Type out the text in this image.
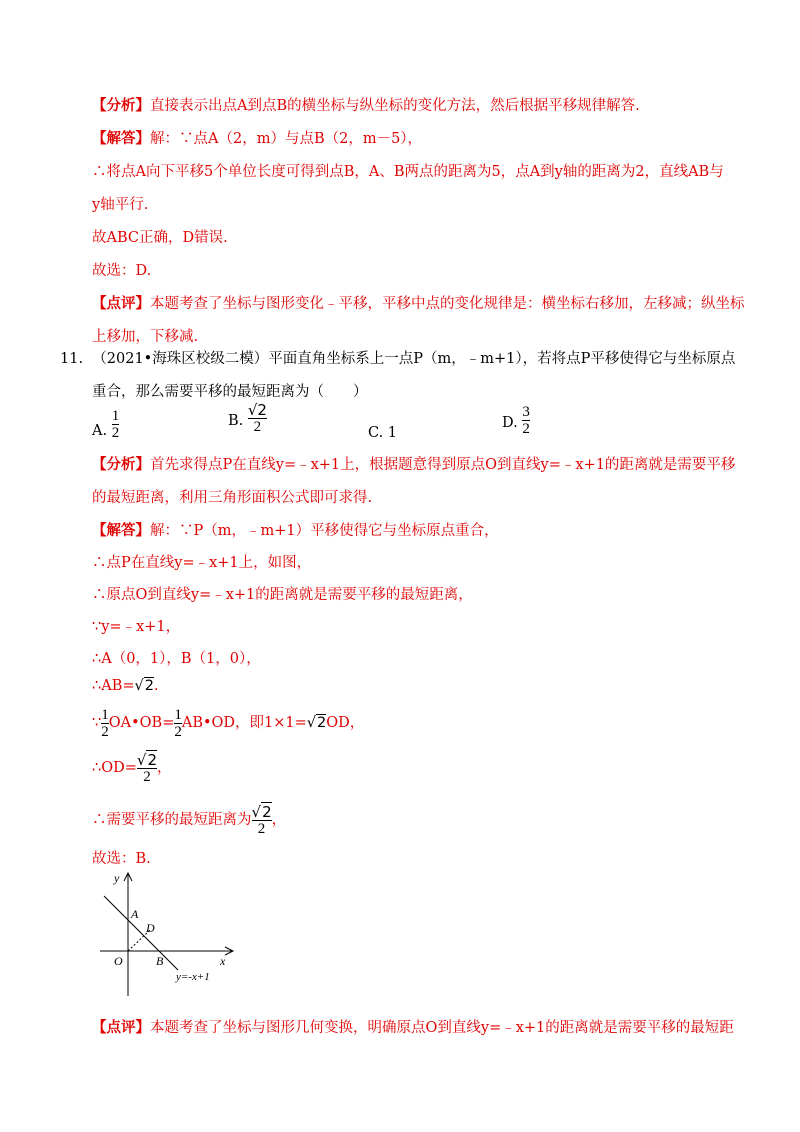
【分析】直接表示出点A到点B的横坐标与纵坐标的变化方法，然后根据平移规律解答.
【解答】解：∵点A（2，m）与点B（2，m－5），
∴将点A向下平移5个单位长度可得到点B，A、B两点的距离为5，点A到y轴的距离为2，直线AB与
y轴平行.
故ABC正确，D错误.
故选：D.
【点评】本题考查了坐标与图形变化﹣平移，平移中点的变化规律是：横坐标右移加，左移减；纵坐标
上移加，下移减.
11. （2021•海珠区校级二模）平面直角坐标系上一点P（m，﹣m+1），若将点P平移使得它与坐标原点
重合，那么需要平移的最短距离为（　　）
A. $\frac{1}{2}$	B. $\frac{√2}{2}$	C. 1
D. $\frac{3}{2}$
【分析】首先求得点P在直线y=﹣x+1上，根据题意得到原点O到直线y=﹣x+1的距离就是需要平移
的最短距离，利用三角形面积公式即可求得.
【解答】解：∵P（m，﹣m+1）平移使得它与坐标原点重合，
∴点P在直线y=﹣x+1上，如图，
∴原点O到直线y=﹣x+1的距离就是需要平移的最短距离，
∵y=﹣x+1，
∴A（0，1），B（1，0），
∴AB=√2.
∵ $\frac{1}{2}$ OA•OB= $\frac{1}{2}$ AB•OD，即1×1=√2OD，
∴OD= $\frac{√2}{2}$ ，
∴需要平移的最短距离为 $\frac{√2}{2}$ ，
故选：B.
y
x
O
A
D
B
y=-x+1
【点评】本题考查了坐标与图形几何变换，明确原点O到直线y=﹣x+1的距离就是需要平移的最短距
